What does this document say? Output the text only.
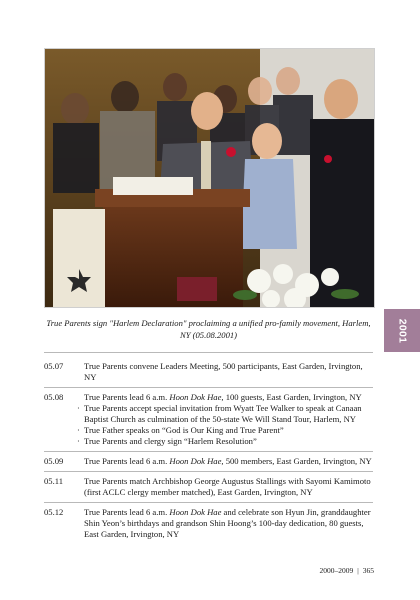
True Parents sign "Harlem Declaration" proclaiming a unified pro-family movement, Harlem, NY (05.08.2001)	2001
05.07	True Parents convene Leaders Meeting, 500 participants, East Garden, Irvington, NY
05.08	True Parents lead 6 a.m. Hoon Dok Hae, 100 guests, East Garden, Irvington, NY
· True Parents accept special invitation from Wyatt Tee Walker to speak at Canaan Baptist Church as culmination of the 50-state We Will Stand Tour, Harlem, NY
· True Father speaks on “God is Our King and True Parent”
· True Parents and clergy sign “Harlem Resolution”
05.09	True Parents lead 6 a.m. Hoon Dok Hae, 500 members, East Garden, Irvington, NY
05.11	True Parents match Archbishop George Augustus Stallings with Sayomi Kamimoto (first ACLC clergy member matched), East Garden, Irvington, NY
05.12	True Parents lead 6 a.m. Hoon Dok Hae and celebrate son Hyun Jin, granddaughter Shin Yeon’s birthdays and grandson Shin Hoong’s 100-day dedication, 80 guests, East Garden, Irvington, NY
2000–2009 | 365
